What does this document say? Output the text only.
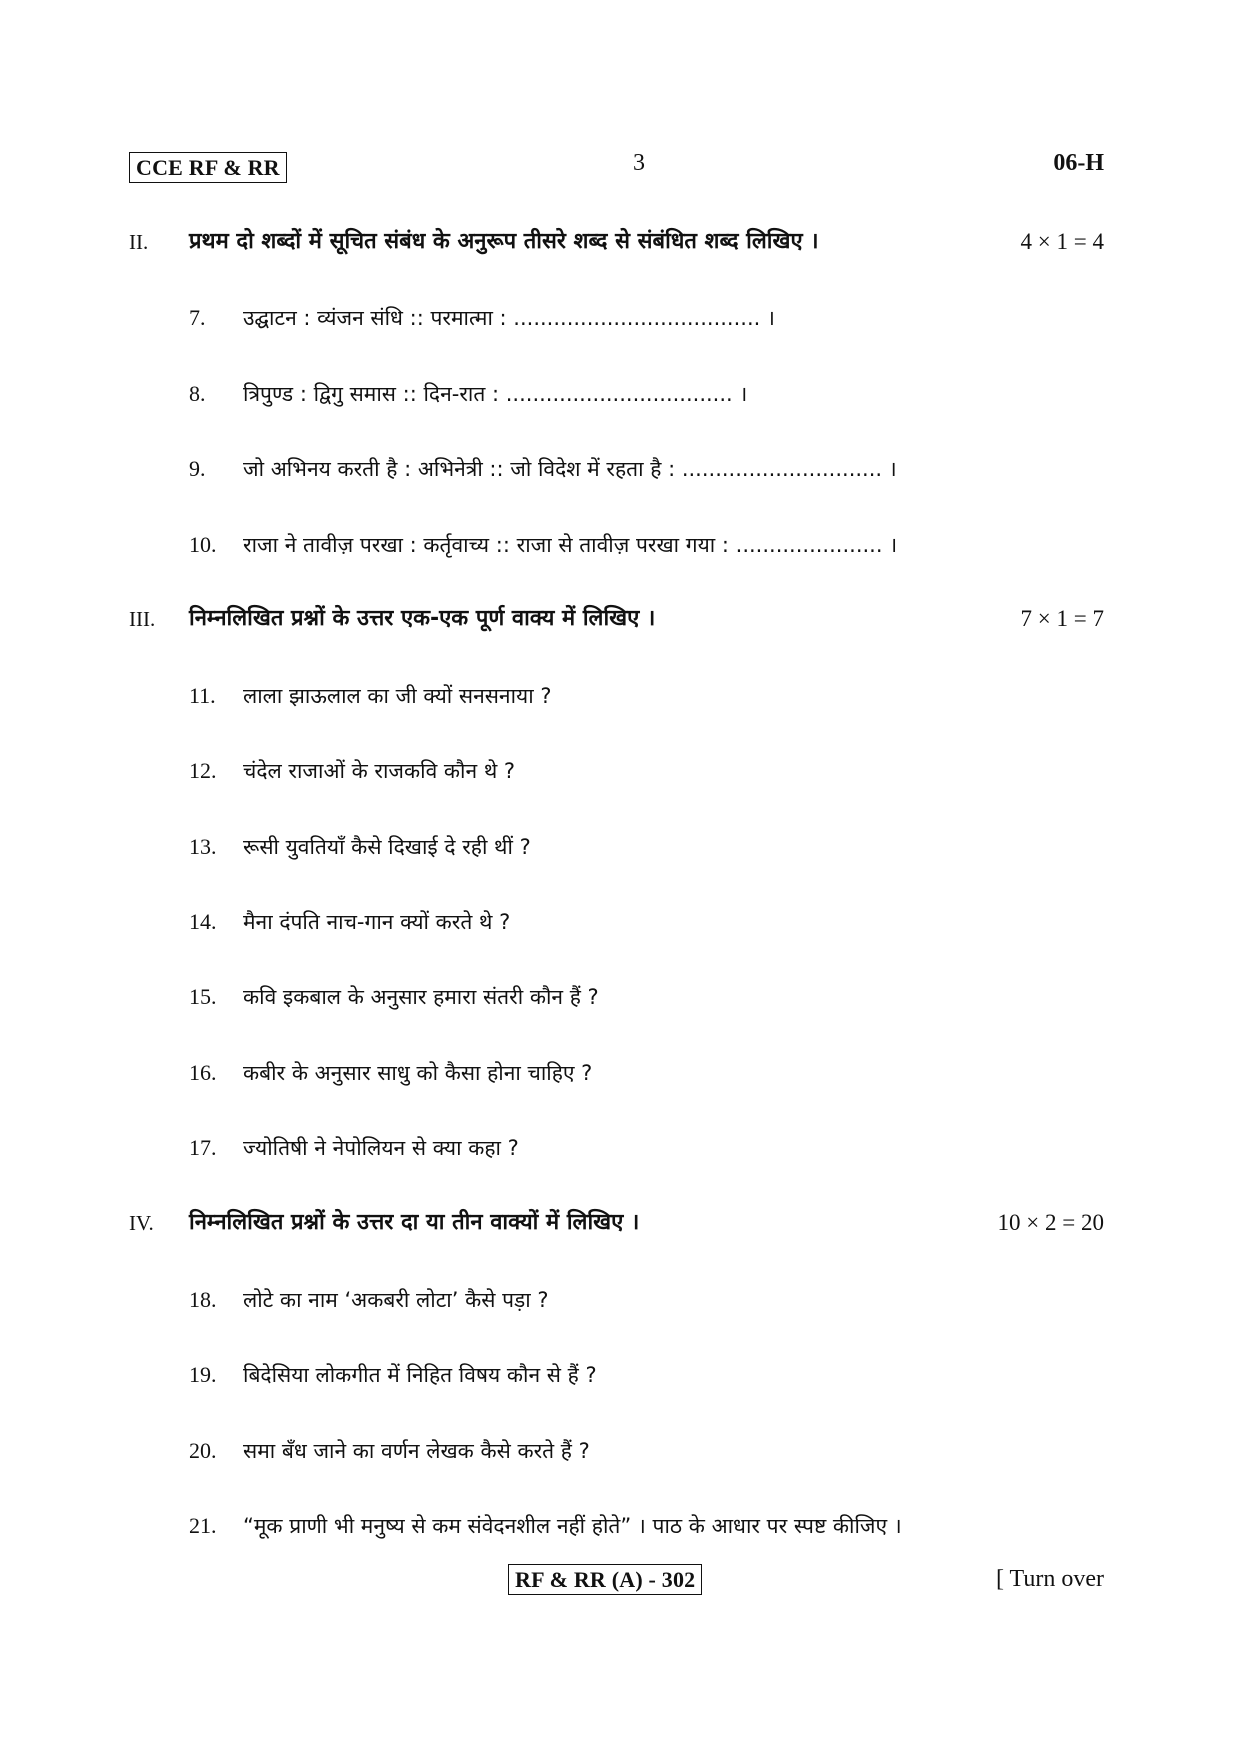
CCE RF & RR	3	06-H
II. प्रथम दो शब्दों में सूचित संबंध के अनुरूप तीसरे शब्द से संबंधित शब्द लिखिए ।	4 × 1 = 4
7.	उद्घाटन : व्यंजन संधि :: परमात्मा : ..................................... ।
8.	त्रिपुण्ड : द्विगु समास :: दिन-रात : .................................. ।
9.	जो अभिनय करती है : अभिनेत्री :: जो विदेश में रहता है : .............................. ।
10.	राजा ने तावीज़ परखा : कर्तृवाच्य :: राजा से तावीज़ परखा गया : ...................... ।
III. निम्नलिखित प्रश्नों के उत्तर एक-एक पूर्ण वाक्य में लिखिए ।	7 × 1 = 7
11.	लाला झाऊलाल का जी क्यों सनसनाया ?
12.	चंदेल राजाओं के राजकवि कौन थे ?
13.	रूसी युवतियाँ कैसे दिखाई दे रही थीं ?
14.	मैना दंपति नाच-गान क्यों करते थे ?
15.	कवि इकबाल के अनुसार हमारा संतरी कौन हैं ?
16.	कबीर के अनुसार साधु को कैसा होना चाहिए ?
17.	ज्योतिषी ने नेपोलियन से क्या कहा ?
IV. निम्नलिखित प्रश्नों के उत्तर दा या तीन वाक्यों में लिखिए ।	10 × 2 = 20
18.	लोटे का नाम ‘अकबरी लोटा’ कैसे पड़ा ?
19.	बिदेसिया लोकगीत में निहित विषय कौन से हैं ?
20.	समा बँध जाने का वर्णन लेखक कैसे करते हैं ?
21.	“मूक प्राणी भी मनुष्य से कम संवेदनशील नहीं होते” । पाठ के आधार पर स्पष्ट कीजिए ।
RF & RR (A) - 302	[ Turn over
